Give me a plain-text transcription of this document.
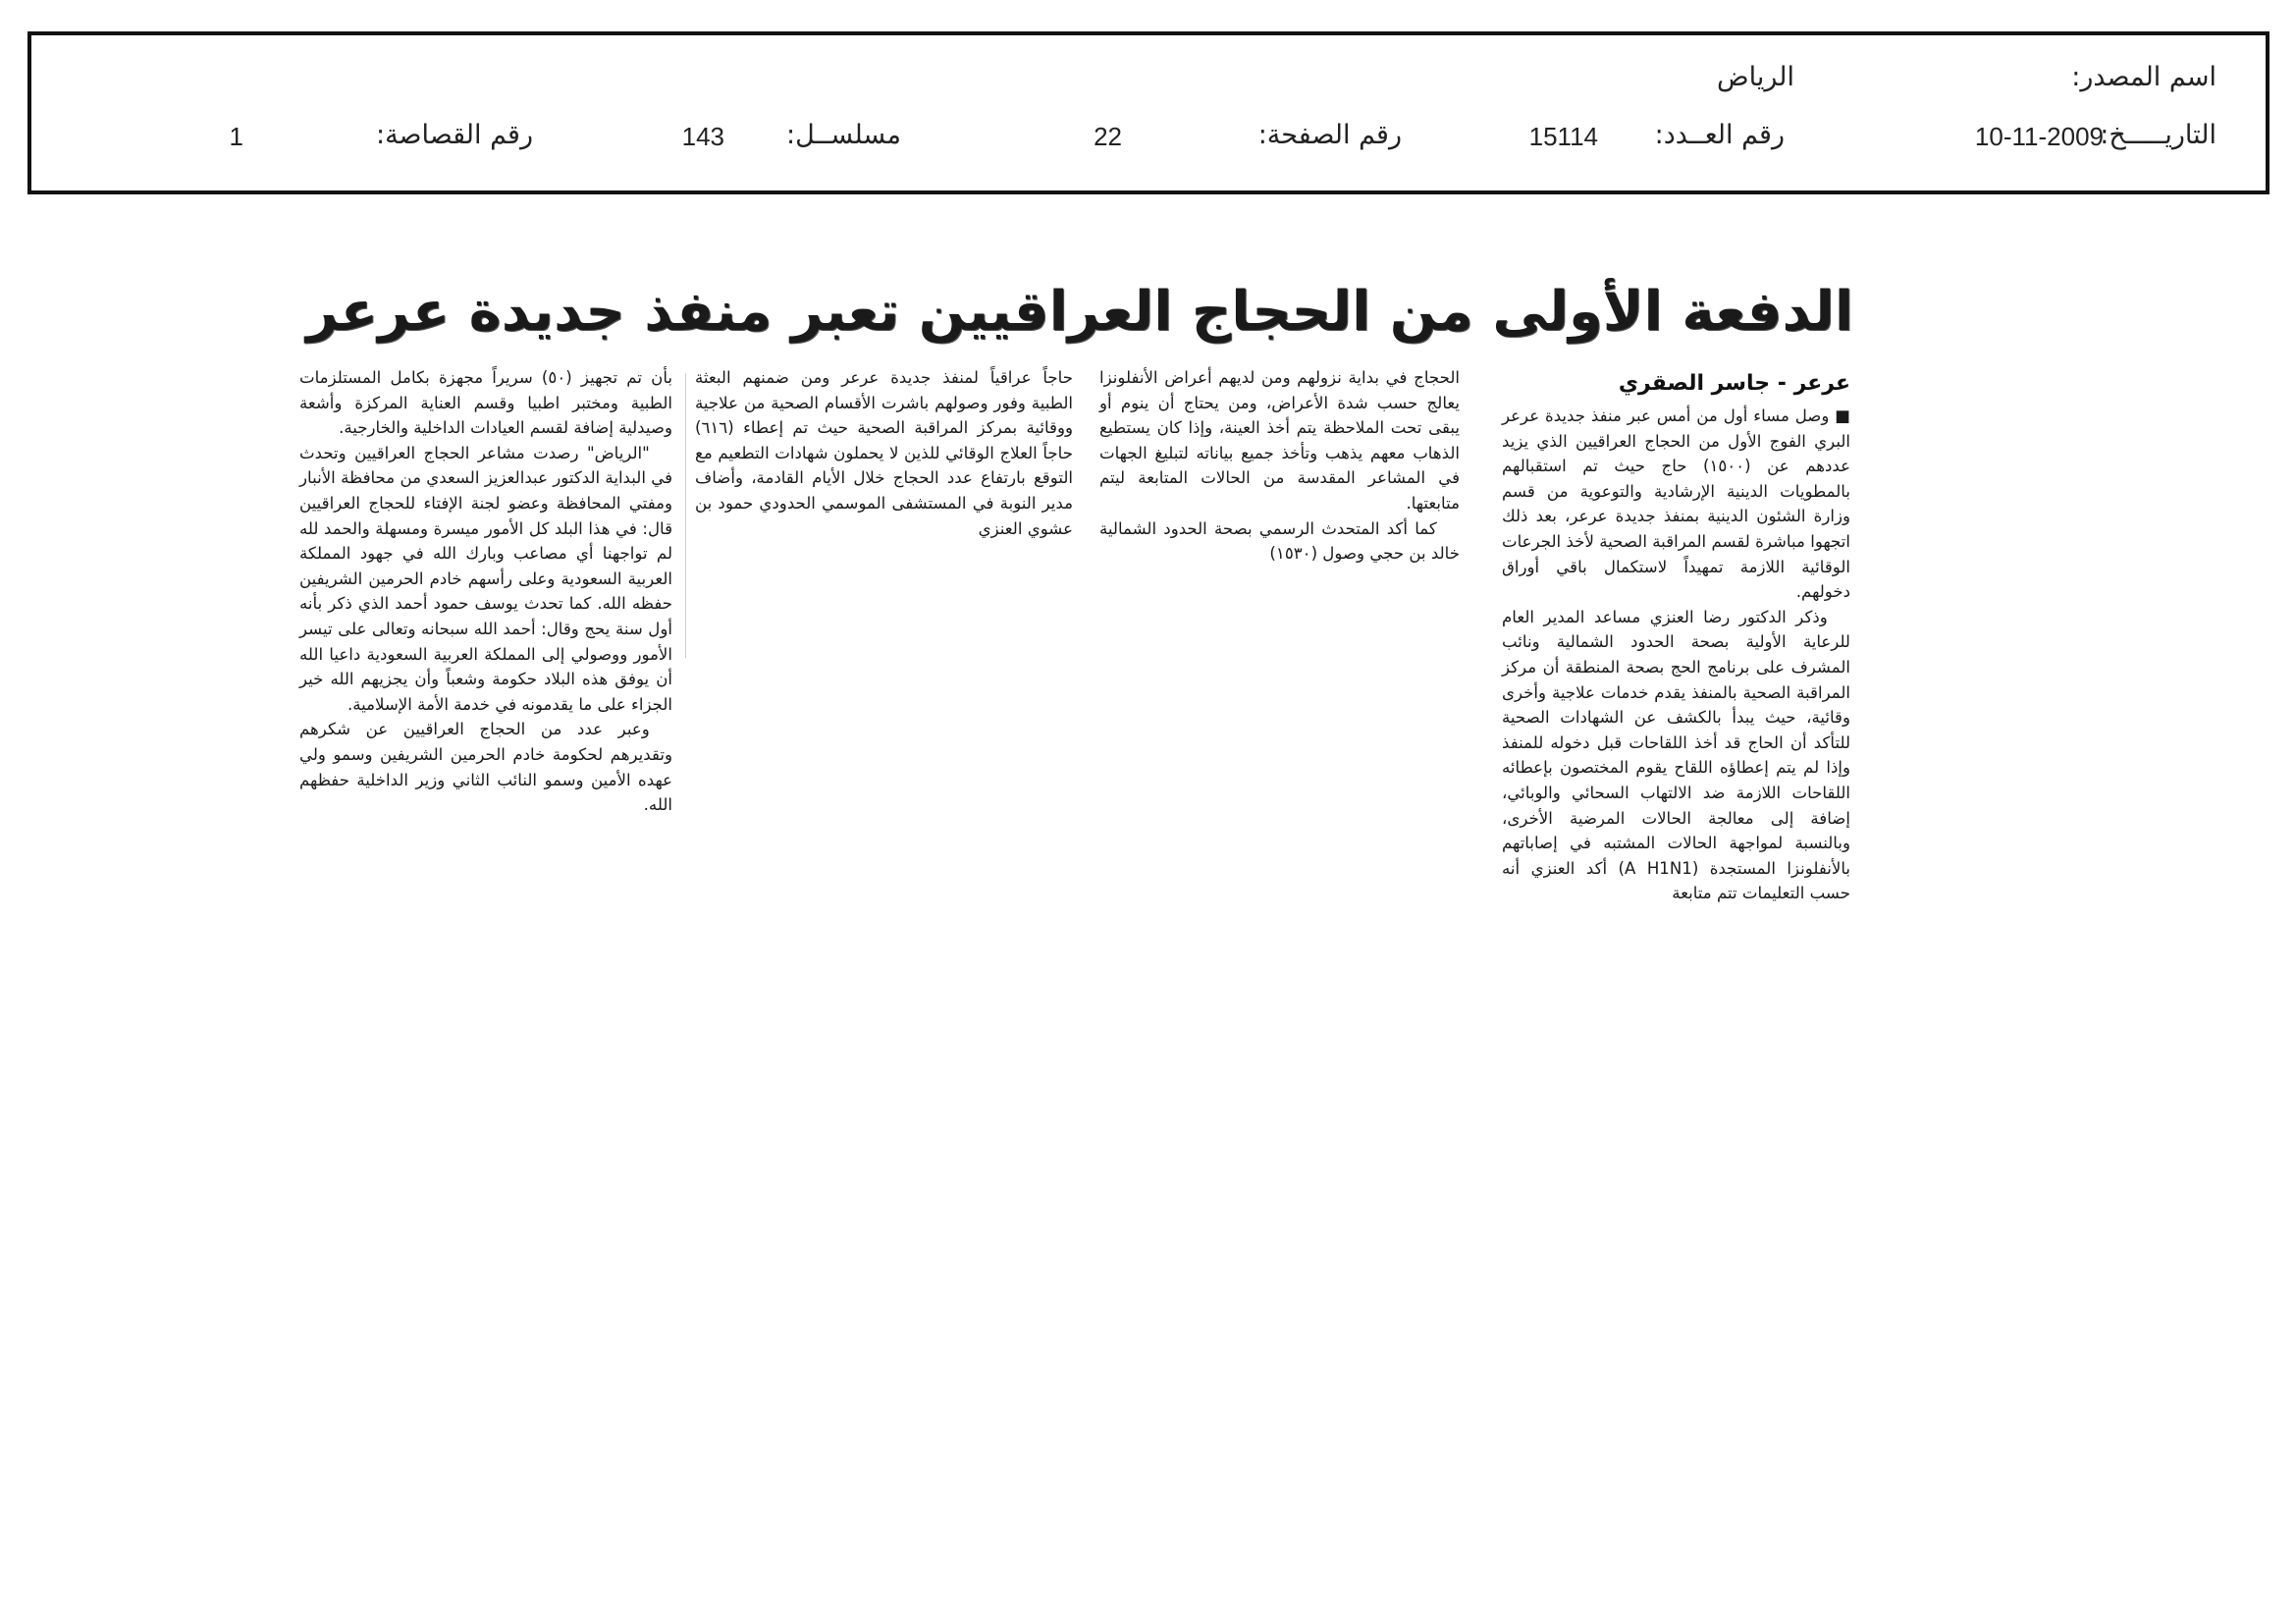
اسم المصدر:
الرياض
التاريـــــخ:
10-11-2009
رقم العــدد:
15114
رقم الصفحة:
22
مسلســل:
143
رقم القصاصة:
1
الدفعة الأولى من الحجاج العراقيين تعبر منفذ جديدة عرعر
عرعر - جاسر الصقري

■ وصل مساء أول من أمس عبر منفذ جديدة عرعر البري الفوج الأول من الحجاج العراقيين الذي يزيد عددهم عن (١٥٠٠) حاج حيث تم استقبالهم بالمطويات الدينية الإرشادية والتوعوية من قسم وزارة الشئون الدينية بمنفذ جديدة عرعر، بعد ذلك اتجهوا مباشرة لقسم المراقبة الصحية لأخذ الجرعات الوقائية اللازمة تمهيداً لاستكمال باقي أوراق دخولهم.

وذكر الدكتور رضا العنزي مساعد المدير العام للرعاية الأولية بصحة الحدود الشمالية ونائب المشرف على برنامج الحج بصحة المنطقة أن مركز المراقبة الصحية بالمنفذ يقدم خدمات علاجية وأخرى وقائية، حيث يبدأ بالكشف عن الشهادات الصحية للتأكد أن الحاج قد أخذ اللقاحات قبل دخوله للمنفذ وإذا لم يتم إعطاؤه اللقاح يقوم المختصون بإعطائه اللقاحات اللازمة ضد الالتهاب السحائي والوبائي، إضافة إلى معالجة الحالات المرضية الأخرى، وبالنسبة لمواجهة الحالات المشتبه في إصاباتهم بالأنفلونزا المستجدة (A H1N1) أكد العنزي أنه حسب التعليمات تتم متابعة

الحجاج في بداية نزولهم ومن لديهم أعراض الأنفلونزا يعالج حسب شدة الأعراض، ومن يحتاج أن ينوم أو يبقى تحت الملاحظة يتم أخذ العينة، وإذا كان يستطيع الذهاب معهم يذهب وتأخذ جميع بياناته لتبليغ الجهات في المشاعر المقدسة من الحالات المتابعة ليتم متابعتها.

كما أكد المتحدث الرسمي بصحة الحدود الشمالية خالد بن حجي وصول (١٥٣٠)

حاجاً عراقياً لمنفذ جديدة عرعر ومن ضمنهم البعثة الطبية وفور وصولهم باشرت الأقسام الصحية من علاجية ووقائية بمركز المراقبة الصحية حيث تم إعطاء (٦١٦) حاجاً العلاج الوقائي للذين لا يحملون شهادات التطعيم مع التوقع بارتفاع عدد الحجاج خلال الأيام القادمة، وأضاف مدير النوبة في المستشفى الموسمي الحدودي حمود بن عشوي العنزي

بأن تم تجهيز (٥٠) سريراً مجهزة بكامل المستلزمات الطبية ومختبر اطبيا وقسم العناية المركزة وأشعة وصيدلية إضافة لقسم العيادات الداخلية والخارجية.

"الرياض" رصدت مشاعر الحجاج العراقيين وتحدث في البداية الدكتور عبدالعزيز السعدي من محافظة الأنبار ومفتي المحافظة وعضو لجنة الإفتاء للحجاج العراقيين قال: في هذا البلد كل الأمور ميسرة ومسهلة والحمد لله لم تواجهنا أي مصاعب وبارك الله في جهود المملكة العربية السعودية وعلى رأسهم خادم الحرمين الشريفين حفظه الله. كما تحدث يوسف حمود أحمد الذي ذكر بأنه أول سنة يحج وقال: أحمد الله سبحانه وتعالى على تيسر الأمور ووصولي إلى المملكة العربية السعودية داعيا الله أن يوفق هذه البلاد حكومة وشعباً وأن يجزيهم الله خير الجزاء على ما يقدمونه في خدمة الأمة الإسلامية.

وعبر عدد من الحجاج العراقيين عن شكرهم وتقديرهم لحكومة خادم الحرمين الشريفين وسمو ولي عهده الأمين وسمو النائب الثاني وزير الداخلية حفظهم الله.
